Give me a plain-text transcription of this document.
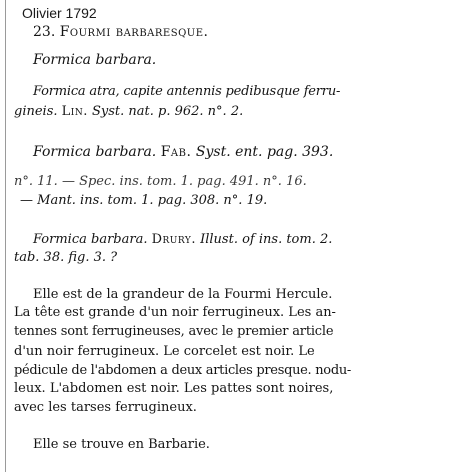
Olivier 1792
23. Fourmi barbaresque.
Formica barbara.
Formica atra, capite antennis pedibusque ferru-
gineis. Lin. Syst. nat. p. 962. n°. 2.
Formica barbara. Fab. Syst. ent. pag. 393.
n°. 11. — Spec. ins. tom. 1. pag. 491. n°. 16.
— Mant. ins. tom. 1. pag. 308. n°. 19.
Formica barbara. Drury. Illust. of ins. tom. 2.
tab. 38. fig. 3. ?
Elle est de la grandeur de la Fourmi Hercule.
La tête est grande d'un noir ferrugineux. Les an-
tennes sont ferrugineuses, avec le premier article
d'un noir ferrugineux. Le corcelet est noir. Le
pédicule de l'abdomen a deux articles presque. nodu-
leux. L'abdomen est noir. Les pattes sont noires,
avec les tarses ferrugineux.
Elle se trouve en Barbarie.
